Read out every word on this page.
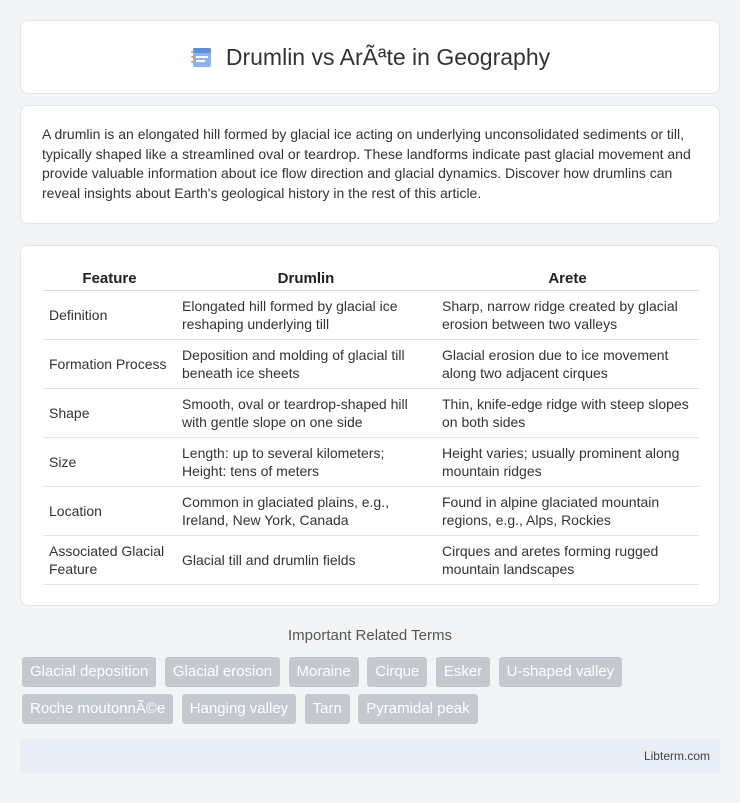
Drumlin vs ArÃªte in Geography

A drumlin is an elongated hill formed by glacial ice acting on underlying unconsolidated sediments or till, typically shaped like a streamlined oval or teardrop. These landforms indicate past glacial movement and provide valuable information about ice flow direction and glacial dynamics. Discover how drumlins can reveal insights about Earth's geological history in the rest of this article.

Feature	Drumlin	Arete
Definition	Elongated hill formed by glacial ice reshaping underlying till	Sharp, narrow ridge created by glacial erosion between two valleys
Formation Process	Deposition and molding of glacial till beneath ice sheets	Glacial erosion due to ice movement along two adjacent cirques
Shape	Smooth, oval or teardrop-shaped hill with gentle slope on one side	Thin, knife-edge ridge with steep slopes on both sides
Size	Length: up to several kilometers; Height: tens of meters	Height varies; usually prominent along mountain ridges
Location	Common in glaciated plains, e.g., Ireland, New York, Canada	Found in alpine glaciated mountain regions, e.g., Alps, Rockies
Associated Glacial Feature	Glacial till and drumlin fields	Cirques and aretes forming rugged mountain landscapes
Important Related Terms
Glacial deposition Glacial erosion Moraine Cirque Esker U-shaped valley Roche moutonnÃ©e Hanging valley Tarn Pyramidal peak
Libterm.com
